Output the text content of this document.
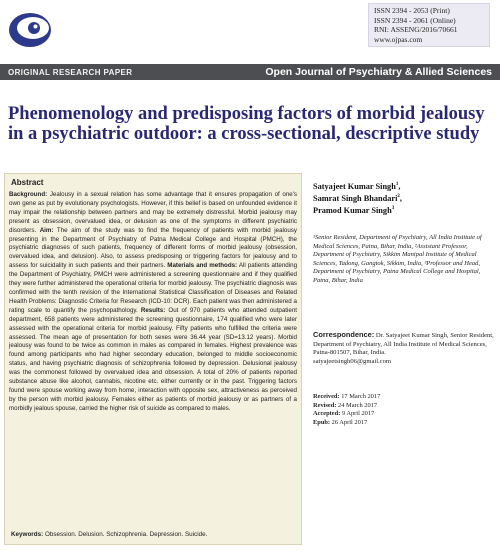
ISSN 2394 - 2053 (Print)
ISSN 2394 - 2061 (Online)
RNI: ASSENG/2016/70661
www.ojpas.com
ORIGINAL RESEARCH PAPER	Open Journal of Psychiatry & Allied Sciences
Phenomenology and predisposing factors of morbid jealousy in a psychiatric outdoor: a cross-sectional, descriptive study
Abstract
Background: Jealousy in a sexual relation has some advantage that it ensures propagation of one's own gene as put by evolutionary psychologists. However, if this belief is based on unfounded evidence it may impair the relationship between partners and may be extremely distressful. Morbid jealousy may present as obsession, overvalued idea, or delusion as one of the symptoms in different psychiatric disorders. Aim: The aim of the study was to find the frequency of patients with morbid jealousy presenting in the Department of Psychiatry of Patna Medical College and Hospital (PMCH), the psychiatric diagnoses of such patients, frequency of different forms of morbid jealousy (obsession, overvalued idea, and delusion). Also, to assess predisposing or triggering factors for jealousy and to assess for suicidality in such patients and their partners. Materials and methods: All patients attending the Department of Psychiatry, PMCH were administered a screening questionnaire and if they qualified they were further administered the operational criteria for morbid jealousy. The psychiatric diagnosis was confirmed with the tenth revision of the International Statistical Classification of Diseases and Related Health Problems: Diagnostic Criteria for Research (ICD-10: DCR). Each patient was then administered a rating scale to quantify the psychopathology. Results: Out of 970 patients who attended outpatient department, 658 patients were administered the screening questionnaire, 174 qualified who were later assessed with the operational criteria for morbid jealousy. Fifty patients who fulfilled the criteria were assessed. The mean age of presentation for both sexes were 36.44 year (SD=13.12 years). Morbid jealousy was found to be twice as common in males as compared in females. Highest prevalence was found among participants who had higher secondary education, belonged to middle socioeconomic status, and having psychiatric diagnosis of schizophrenia followed by depression. Delusional jealousy was the commonest followed by overvalued idea and obsession. A total of 20% of patients reported substance abuse like alcohol, cannabis, nicotine etc. either currently or in the past. Triggering factors found were spouse working away from home, interaction with opposite sex, attractiveness as perceived by the person with morbid jealousy. Females either as patients of morbid jealousy or as partners of a morbidly jealous spouse, carried the higher risk of suicide as compared to males.
Keywords: Obsession. Delusion. Schizophrenia. Depression. Suicide.
Satyajeet Kumar Singh$^1$,
Samrat Singh Bhandari$^2$,
Pramod Kumar Singh$^3$
¹Senior Resident, Department of Psychiatry, All India Institute of Medical Sciences, Patna, Bihar, India, ²Assistant Professor, Department of Psychiatry, Sikkim Manipal Institute of Medical Sciences, Tadong, Gangtok, Sikkim, India, ³Professor and Head, Department of Psychiatry, Patna Medical College and Hospital, Patna, Bihar, India
Correspondence: Dr. Satyajeet Kumar Singh, Senior Resident, Department of Psychiatry, All India Institute of Medical Sciences, Patna-801507, Bihar, India.
satyajeetsingh06@gmail.com
Received: 17 March 2017
Revised: 24 March 2017
Accepted: 9 April 2017
Epub: 26 April 2017
